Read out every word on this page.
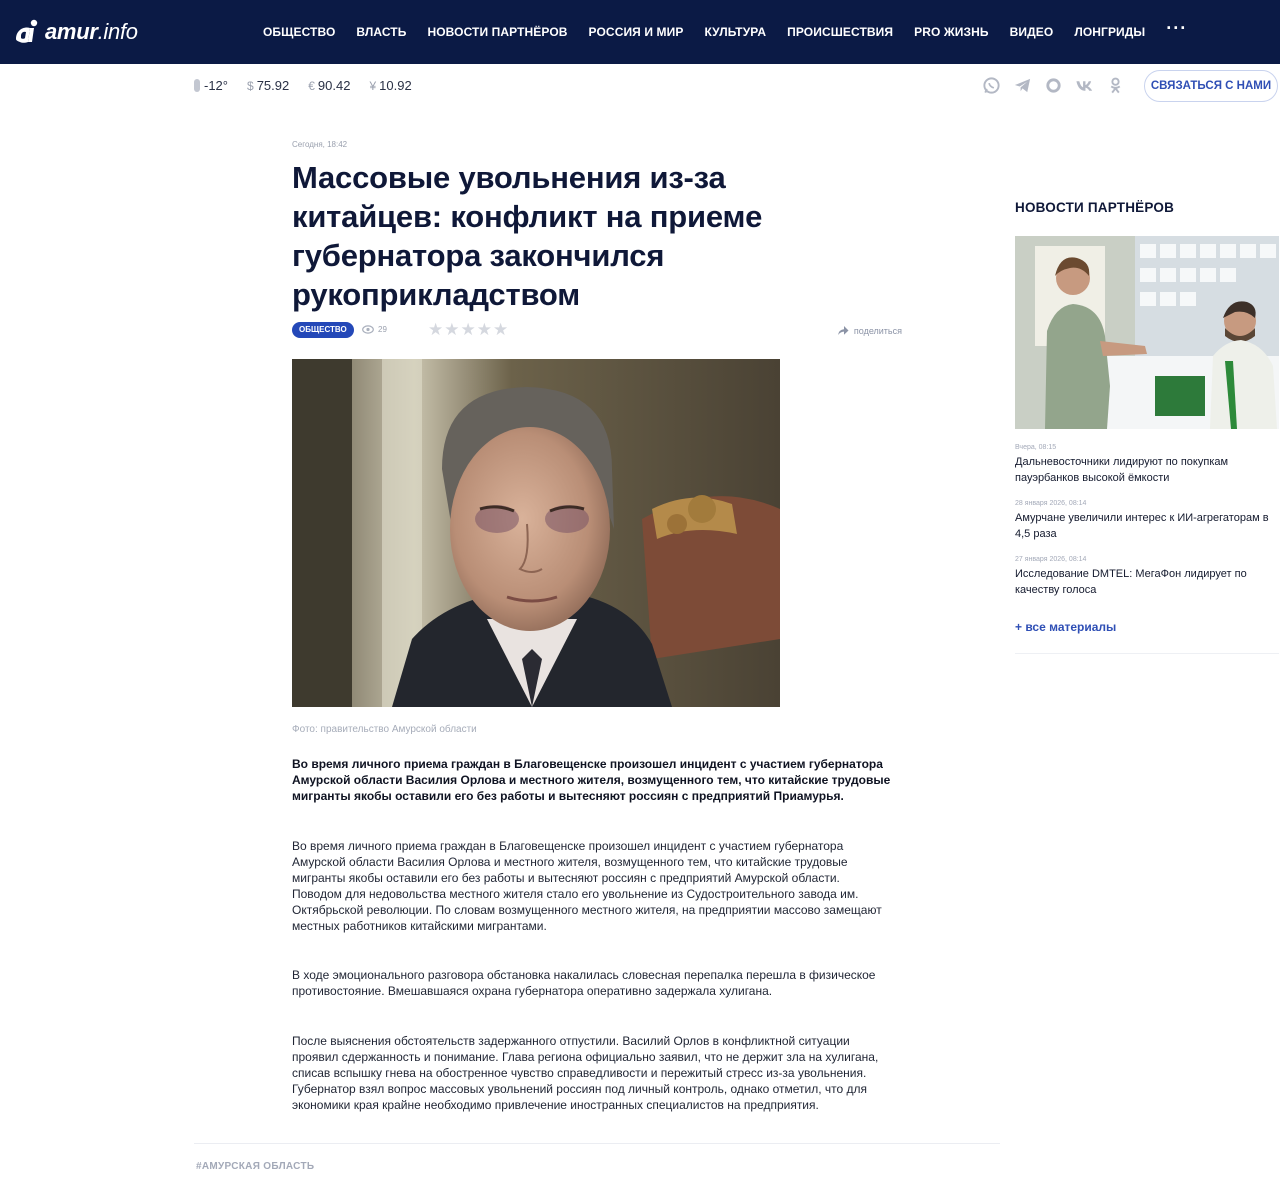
amur.info	ОБЩЕСТВО ВЛАСТЬ НОВОСТИ ПАРТНЁРОВ РОССИЯ И МИР КУЛЬТУРА ПРОИСШЕСТВИЯ PRO ЖИЗНЬ ВИДЕО ЛОНГРИДЫ ···
-12° $ 75.92 € 90.42 ¥ 10.92	СВЯЗАТЬСЯ С НАМИ
Сегодня, 18:42
Массовые увольнения из-за китайцев: конфликт на приеме губернатора закончился рукоприкладством
ОБЩЕСТВО	29 ★ ★ ★ ★ ★	поделиться
Фото: правительство Амурской области

Во время личного приема граждан в Благовещенске произошел инцидент с участием губернатора Амурской области Василия Орлова и местного жителя, возмущенного тем, что китайские трудовые мигранты якобы оставили его без работы и вытесняют россиян с предприятий Приамурья.

Во время личного приема граждан в Благовещенске произошел инцидент с участием губернатора Амурской области Василия Орлова и местного жителя, возмущенного тем, что китайские трудовые мигранты якобы оставили его без работы и вытесняют россиян с предприятий Амурской области. Поводом для недовольства местного жителя стало его увольнение из Судостроительного завода им. Октябрьской революции. По словам возмущенного местного жителя, на предприятии массово замещают местных работников китайскими мигрантами.

В ходе эмоционального разговора обстановка накалилась словесная перепалка перешла в физическое противостояние. Вмешавшаяся охрана губернатора оперативно задержала хулигана.

После выяснения обстоятельств задержанного отпустили. Василий Орлов в конфликтной ситуации проявил сдержанность и понимание. Глава региона официально заявил, что не держит зла на хулигана, списав вспышку гнева на обостренное чувство справедливости и пережитый стресс из-за увольнения. Губернатор взял вопрос массовых увольнений россиян под личный контроль, однако отметил, что для экономики края крайне необходимо привлечение иностранных специалистов на предприятия.

#АМУРСКАЯ ОБЛАСТЬ
НОВОСТИ ПАРТНЁРОВ
Вчера, 08:15
Дальневосточники лидируют по покупкам пауэрбанков высокой ёмкости
28 января 2026, 08:14
Амурчане увеличили интерес к ИИ-агрегаторам в 4,5 раза
27 января 2026, 08:14
Исследование DMTEL: МегаФон лидирует по качеству голоса
+ все материалы
